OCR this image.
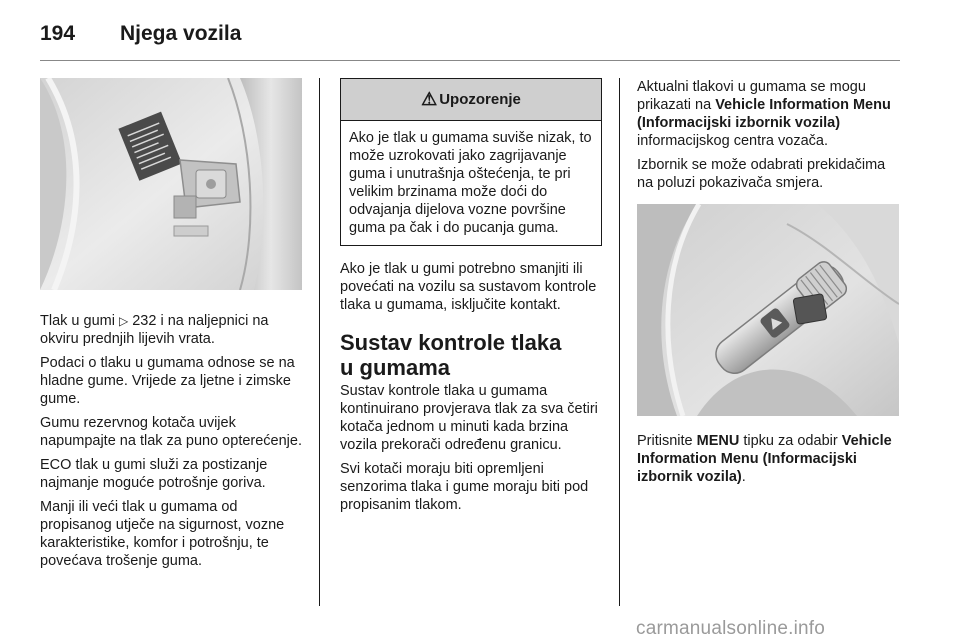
194	Njega vozila

Tlak u gumi ▷ 232 i na naljepnici na okviru prednjih lijevih vrata.

Podaci o tlaku u gumama odnose se na hladne gume. Vrijede za ljetne i zimske gume.

Gumu rezervnog kotača uvijek napumpajte na tlak za puno opterećenje.

ECO tlak u gumi služi za postizanje najmanje moguće potrošnje goriva.

Manji ili veći tlak u gumama od propisanog utječe na sigurnost, vozne karakteristike, komfor i potrošnju, te povećava trošenje guma.

⚠ Upozorenje
Ako je tlak u gumama suviše nizak, to može uzrokovati jako zagrijavanje guma i unutrašnja oštećenja, te pri velikim brzinama može doći do odvajanja dijelova vozne površine guma pa čak i do pucanja guma.

Ako je tlak u gumi potrebno smanjiti ili povećati na vozilu sa sustavom kontrole tlaka u gumama, isključite kontakt.

Sustav kontrole tlaka
u gumama

Sustav kontrole tlaka u gumama kontinuirano provjerava tlak za sva četiri kotača jednom u minuti kada brzina vozila prekorači određenu granicu.

Svi kotači moraju biti opremljeni senzorima tlaka i gume moraju biti pod propisanim tlakom.

Aktualni tlakovi u gumama se mogu prikazati na Vehicle Information Menu (Informacijski izbornik vozila) informacijskog centra vozača.

Izbornik se može odabrati prekidačima na poluzi pokazivača smjera.

Pritisnite MENU tipku za odabir Vehicle Information Menu (Informacijski izbornik vozila).

carmanualsonline.info
